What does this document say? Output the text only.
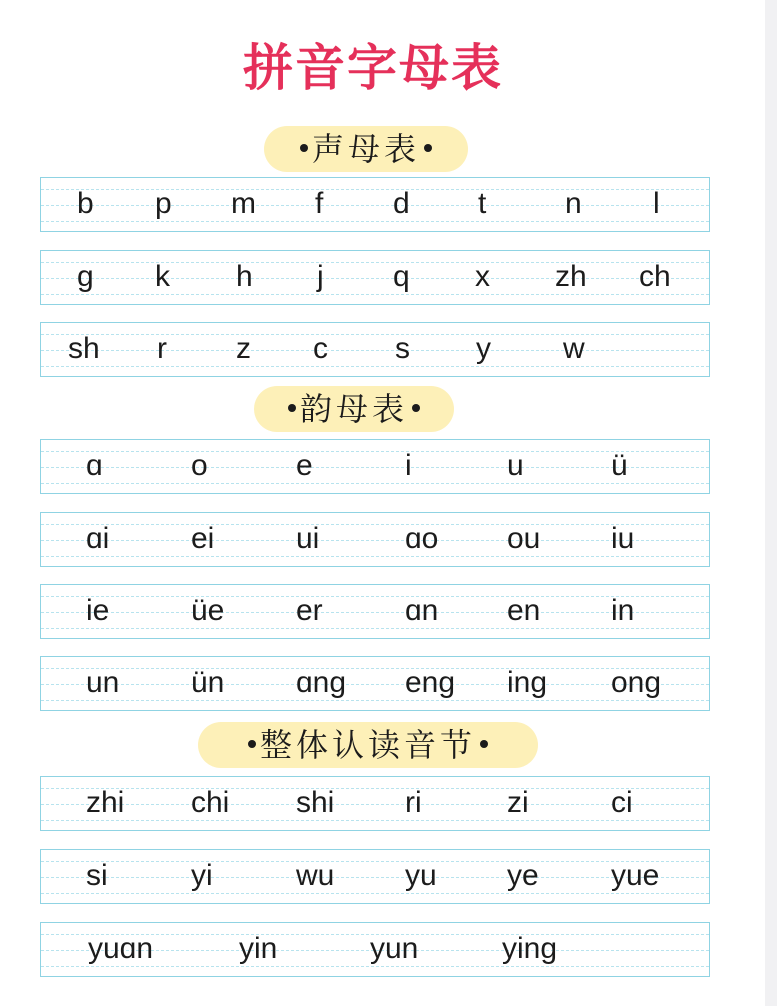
拼音字母表
声母表
b p m f d t	n l
g k h j q x zh ch
sh r z c s y w
韵母表
ɑ	o	e	i	u	ü
ɑi	ei	ui	ɑo ou iu
ie	üe er	ɑn en in
un ün ɑng eng ing ong
整体认读音节
zhi chi shi ri	zi	ci
si	yi	wu yu ye yue
yuɑn	yin	yun	ying
